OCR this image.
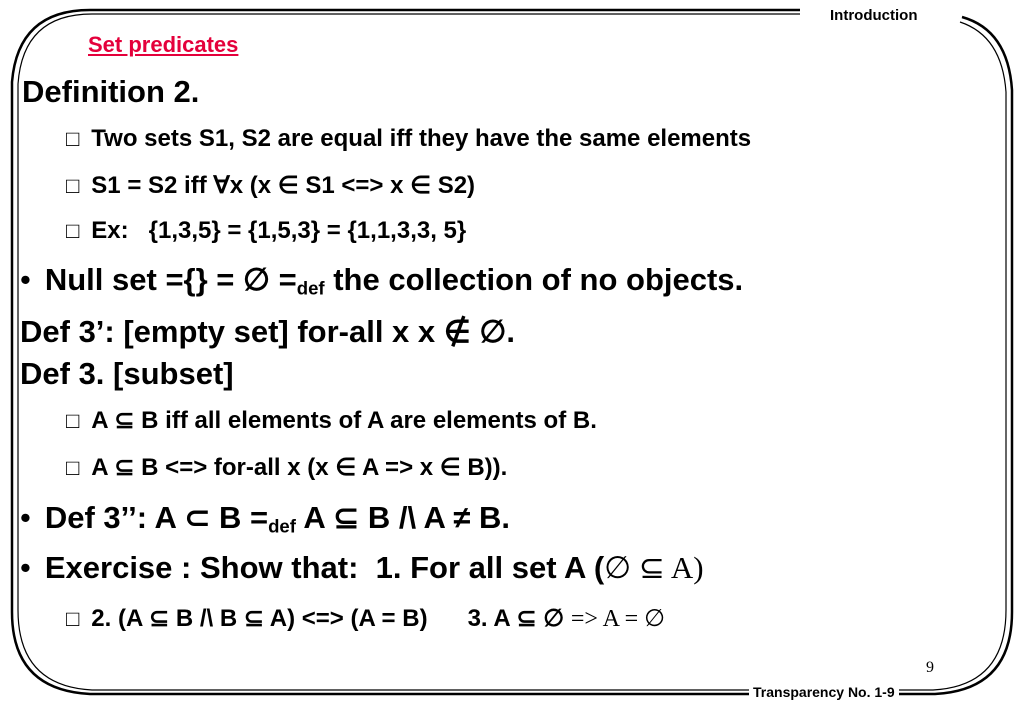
Introduction
Set predicates
Definition 2.
□ Two sets S1, S2 are equal iff they have the same elements
□ S1 = S2 iff ∀x (x ∈ S1 <=> x ∈ S2)
□ Ex:   {1,3,5} = {1,5,3} = {1,1,3,3, 5}
• Null set ={} = ∅ $=_{def}$ the collection of no objects.
Def 3’: [empty set] for-all x x ∉ ∅.
Def 3. [subset]
□ A ⊆ B iff all elements of A are elements of B.
□ A ⊆ B <=> for-all x (x ∈ A => x ∈ B)).
• Def 3’’: A ⊂ $B =_{def}$ A ⊆ B /\ A ≠ B.
• Exercise : Show that:  1. For all set A (∅ ⊆ A)
□ 2. (A ⊆ B /\ B ⊆ A) <=> (A = B)      3. A ⊆ ∅ => A = ∅
9
Transparency No. 1-9
